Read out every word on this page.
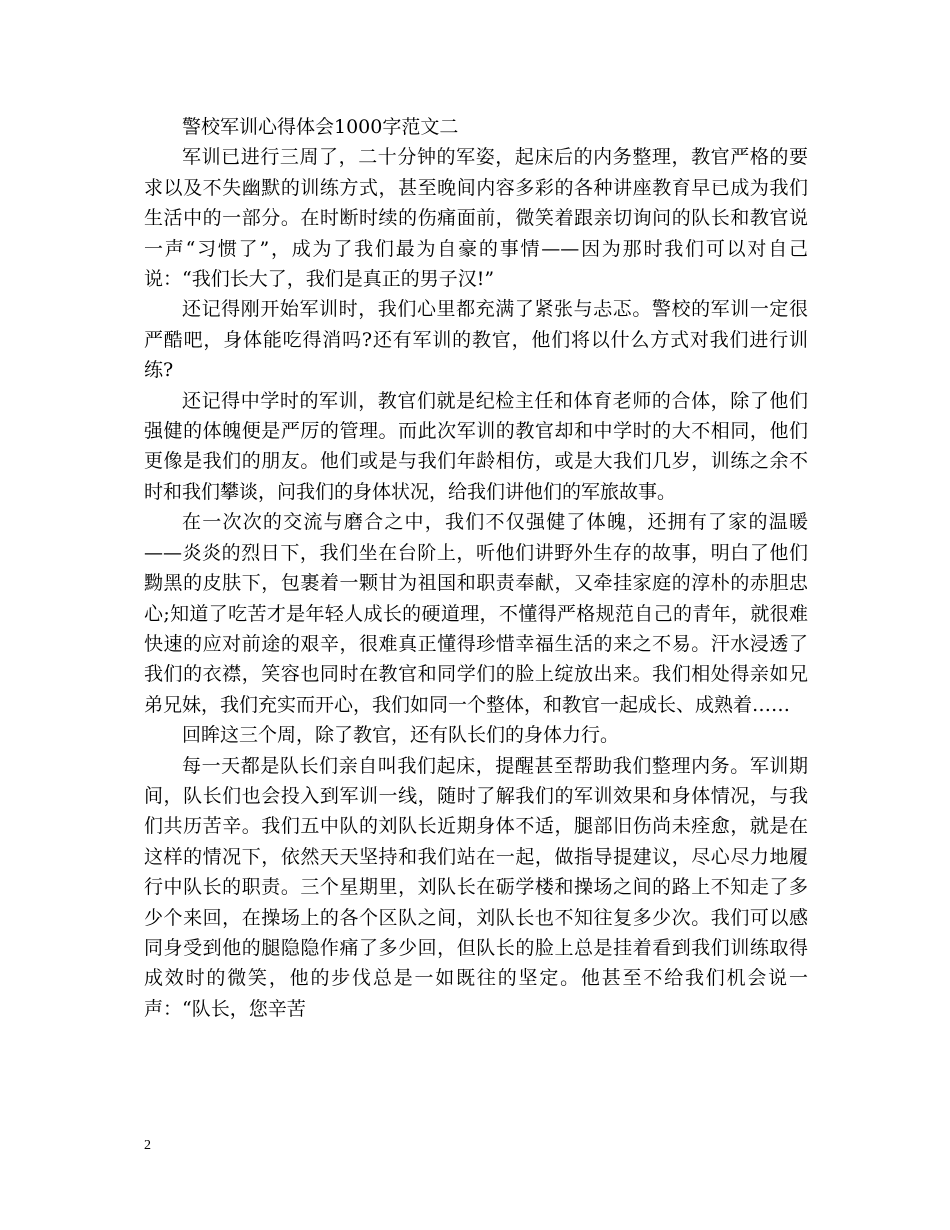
警校军训心得体会1000字范文二

军训已进行三周了，二十分钟的军姿，起床后的内务整理，教官严格的要求以及不失幽默的训练方式，甚至晚间内容多彩的各种讲座教育早已成为我们生活中的一部分。在时断时续的伤痛面前，微笑着跟亲切询问的队长和教官说一声“习惯了”，成为了我们最为自豪的事情——因为那时我们可以对自己说：“我们长大了，我们是真正的男子汉!”

还记得刚开始军训时，我们心里都充满了紧张与忐忑。警校的军训一定很严酷吧，身体能吃得消吗?还有军训的教官，他们将以什么方式对我们进行训练?

还记得中学时的军训，教官们就是纪检主任和体育老师的合体，除了他们强健的体魄便是严厉的管理。而此次军训的教官却和中学时的大不相同，他们更像是我们的朋友。他们或是与我们年龄相仿，或是大我们几岁，训练之余不时和我们攀谈，问我们的身体状况，给我们讲他们的军旅故事。

在一次次的交流与磨合之中，我们不仅强健了体魄，还拥有了家的温暖——炎炎的烈日下，我们坐在台阶上，听他们讲野外生存的故事，明白了他们黝黑的皮肤下，包裹着一颗甘为祖国和职责奉献，又牵挂家庭的淳朴的赤胆忠心;知道了吃苦才是年轻人成长的硬道理，不懂得严格规范自己的青年，就很难快速的应对前途的艰辛，很难真正懂得珍惜幸福生活的来之不易。汗水浸透了我们的衣襟，笑容也同时在教官和同学们的脸上绽放出来。我们相处得亲如兄弟兄妹，我们充实而开心，我们如同一个整体，和教官一起成长、成熟着……

回眸这三个周，除了教官，还有队长们的身体力行。

每一天都是队长们亲自叫我们起床，提醒甚至帮助我们整理内务。军训期间，队长们也会投入到军训一线，随时了解我们的军训效果和身体情况，与我们共历苦辛。我们五中队的刘队长近期身体不适，腿部旧伤尚未痊愈，就是在这样的情况下，依然天天坚持和我们站在一起，做指导提建议，尽心尽力地履行中队长的职责。三个星期里，刘队长在砺学楼和操场之间的路上不知走了多少个来回，在操场上的各个区队之间，刘队长也不知往复多少次。我们可以感同身受到他的腿隐隐作痛了多少回，但队长的脸上总是挂着看到我们训练取得成效时的微笑，他的步伐总是一如既往的坚定。他甚至不给我们机会说一声：“队长，您辛苦

2
